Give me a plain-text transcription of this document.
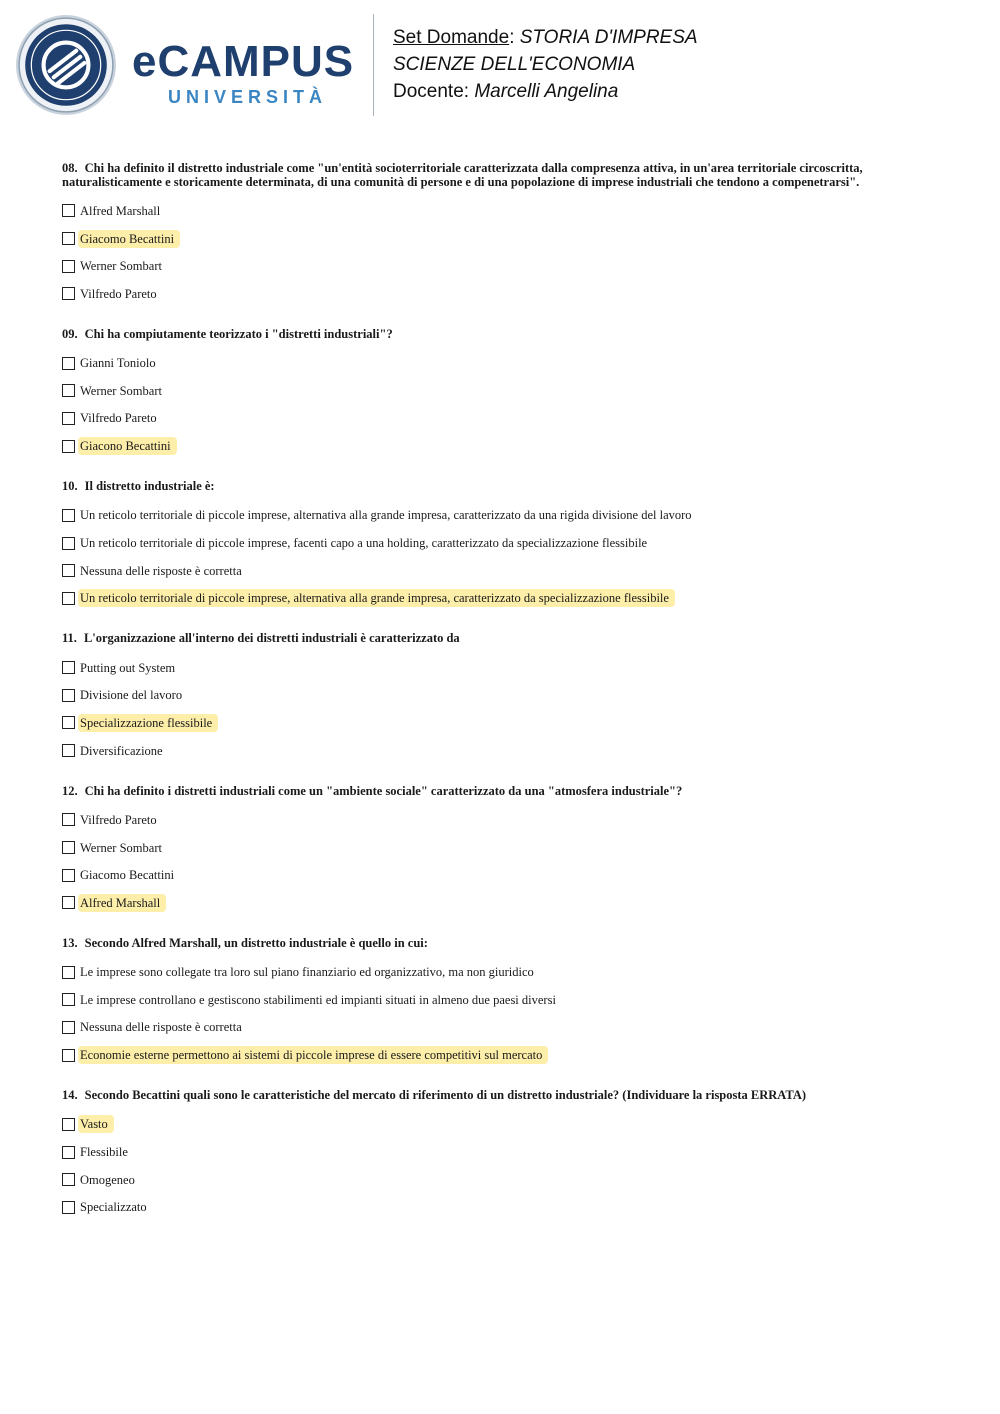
eCAMPUS
UNIVERSITÀ
Set Domande: STORIA D'IMPRESA
SCIENZE DELL'ECONOMIA
Docente: Marcelli Angelina
08. Chi ha definito il distretto industriale come "un'entità socioterritoriale caratterizzata dalla compresenza attiva, in un'area territoriale circoscritta, naturalisticamente e storicamente determinata, di una comunità di persone e di una popolazione di imprese industriali che tendono a compenetrarsi".
Alfred Marshall
Giacomo Becattini
Werner Sombart
Vilfredo Pareto
09. Chi ha compiutamente teorizzato i "distretti industriali"?
Gianni Toniolo
Werner Sombart
Vilfredo Pareto
Giacono Becattini
10. Il distretto industriale è:
Un reticolo territoriale di piccole imprese, alternativa alla grande impresa, caratterizzato da una rigida divisione del lavoro
Un reticolo territoriale di piccole imprese, facenti capo a una holding, caratterizzato da specializzazione flessibile
Nessuna delle risposte è corretta
Un reticolo territoriale di piccole imprese, alternativa alla grande impresa, caratterizzato da specializzazione flessibile
11. L'organizzazione all'interno dei distretti industriali è caratterizzato da
Putting out System
Divisione del lavoro
Specializzazione flessibile
Diversificazione
12. Chi ha definito i distretti industriali come un "ambiente sociale" caratterizzato da una "atmosfera industriale"?
Vilfredo Pareto
Werner Sombart
Giacomo Becattini
Alfred Marshall
13. Secondo Alfred Marshall, un distretto industriale è quello in cui:
Le imprese sono collegate tra loro sul piano finanziario ed organizzativo, ma non giuridico
Le imprese controllano e gestiscono stabilimenti ed impianti situati in almeno due paesi diversi
Nessuna delle risposte è corretta
Economie esterne permettono ai sistemi di piccole imprese di essere competitivi sul mercato
14. Secondo Becattini quali sono le caratteristiche del mercato di riferimento di un distretto industriale? (Individuare la risposta ERRATA)
Vasto
Flessibile
Omogeneo
Specializzato
